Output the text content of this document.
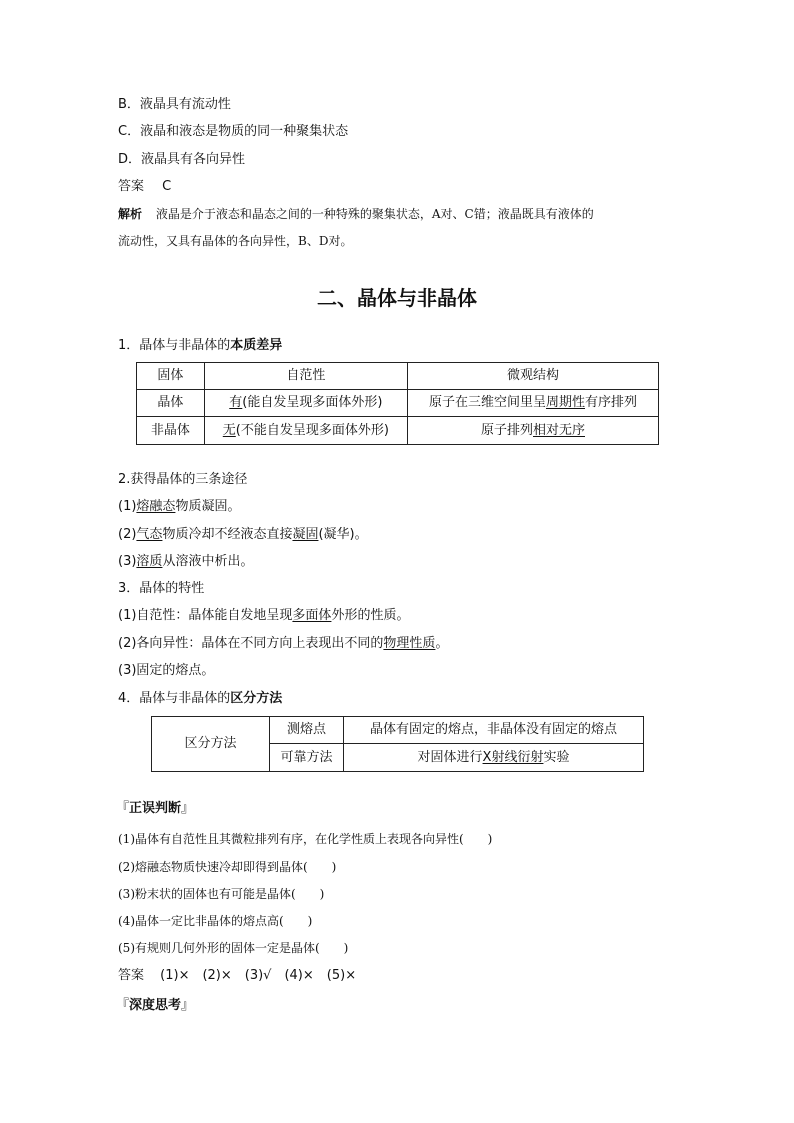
B．液晶具有流动性
C．液晶和液态是物质的同一种聚集状态
D．液晶具有各向异性
答案 C
解析 液晶是介于液态和晶态之间的一种特殊的聚集状态，A对、C错；液晶既具有液体的
流动性，又具有晶体的各向异性，B、D对。
二、晶体与非晶体
1．晶体与非晶体的本质差异
固体	自范性	微观结构
晶体	有(能自发呈现多面体外形)	原子在三维空间里呈周期性有序排列
非晶体	无(不能自发呈现多面体外形)	原子排列相对无序
2.获得晶体的三条途径
(1)熔融态物质凝固。
(2)气态物质冷却不经液态直接凝固(凝华)。
(3)溶质从溶液中析出。
3．晶体的特性
(1)自范性：晶体能自发地呈现多面体外形的性质。
(2)各向异性：晶体在不同方向上表现出不同的物理性质。
(3)固定的熔点。
4．晶体与非晶体的区分方法
区分方法	测熔点	晶体有固定的熔点，非晶体没有固定的熔点
	可靠方法	对固体进行X射线衍射实验
『正误判断』
(1)晶体有自范性且其微粒排列有序，在化学性质上表现各向异性(　　)
(2)熔融态物质快速冷却即得到晶体(　　)
(3)粉末状的固体也有可能是晶体(　　)
(4)晶体一定比非晶体的熔点高(　　)
(5)有规则几何外形的固体一定是晶体(　　)
答案 (1)×　(2)×　(3)√　(4)×　(5)×
『深度思考』
